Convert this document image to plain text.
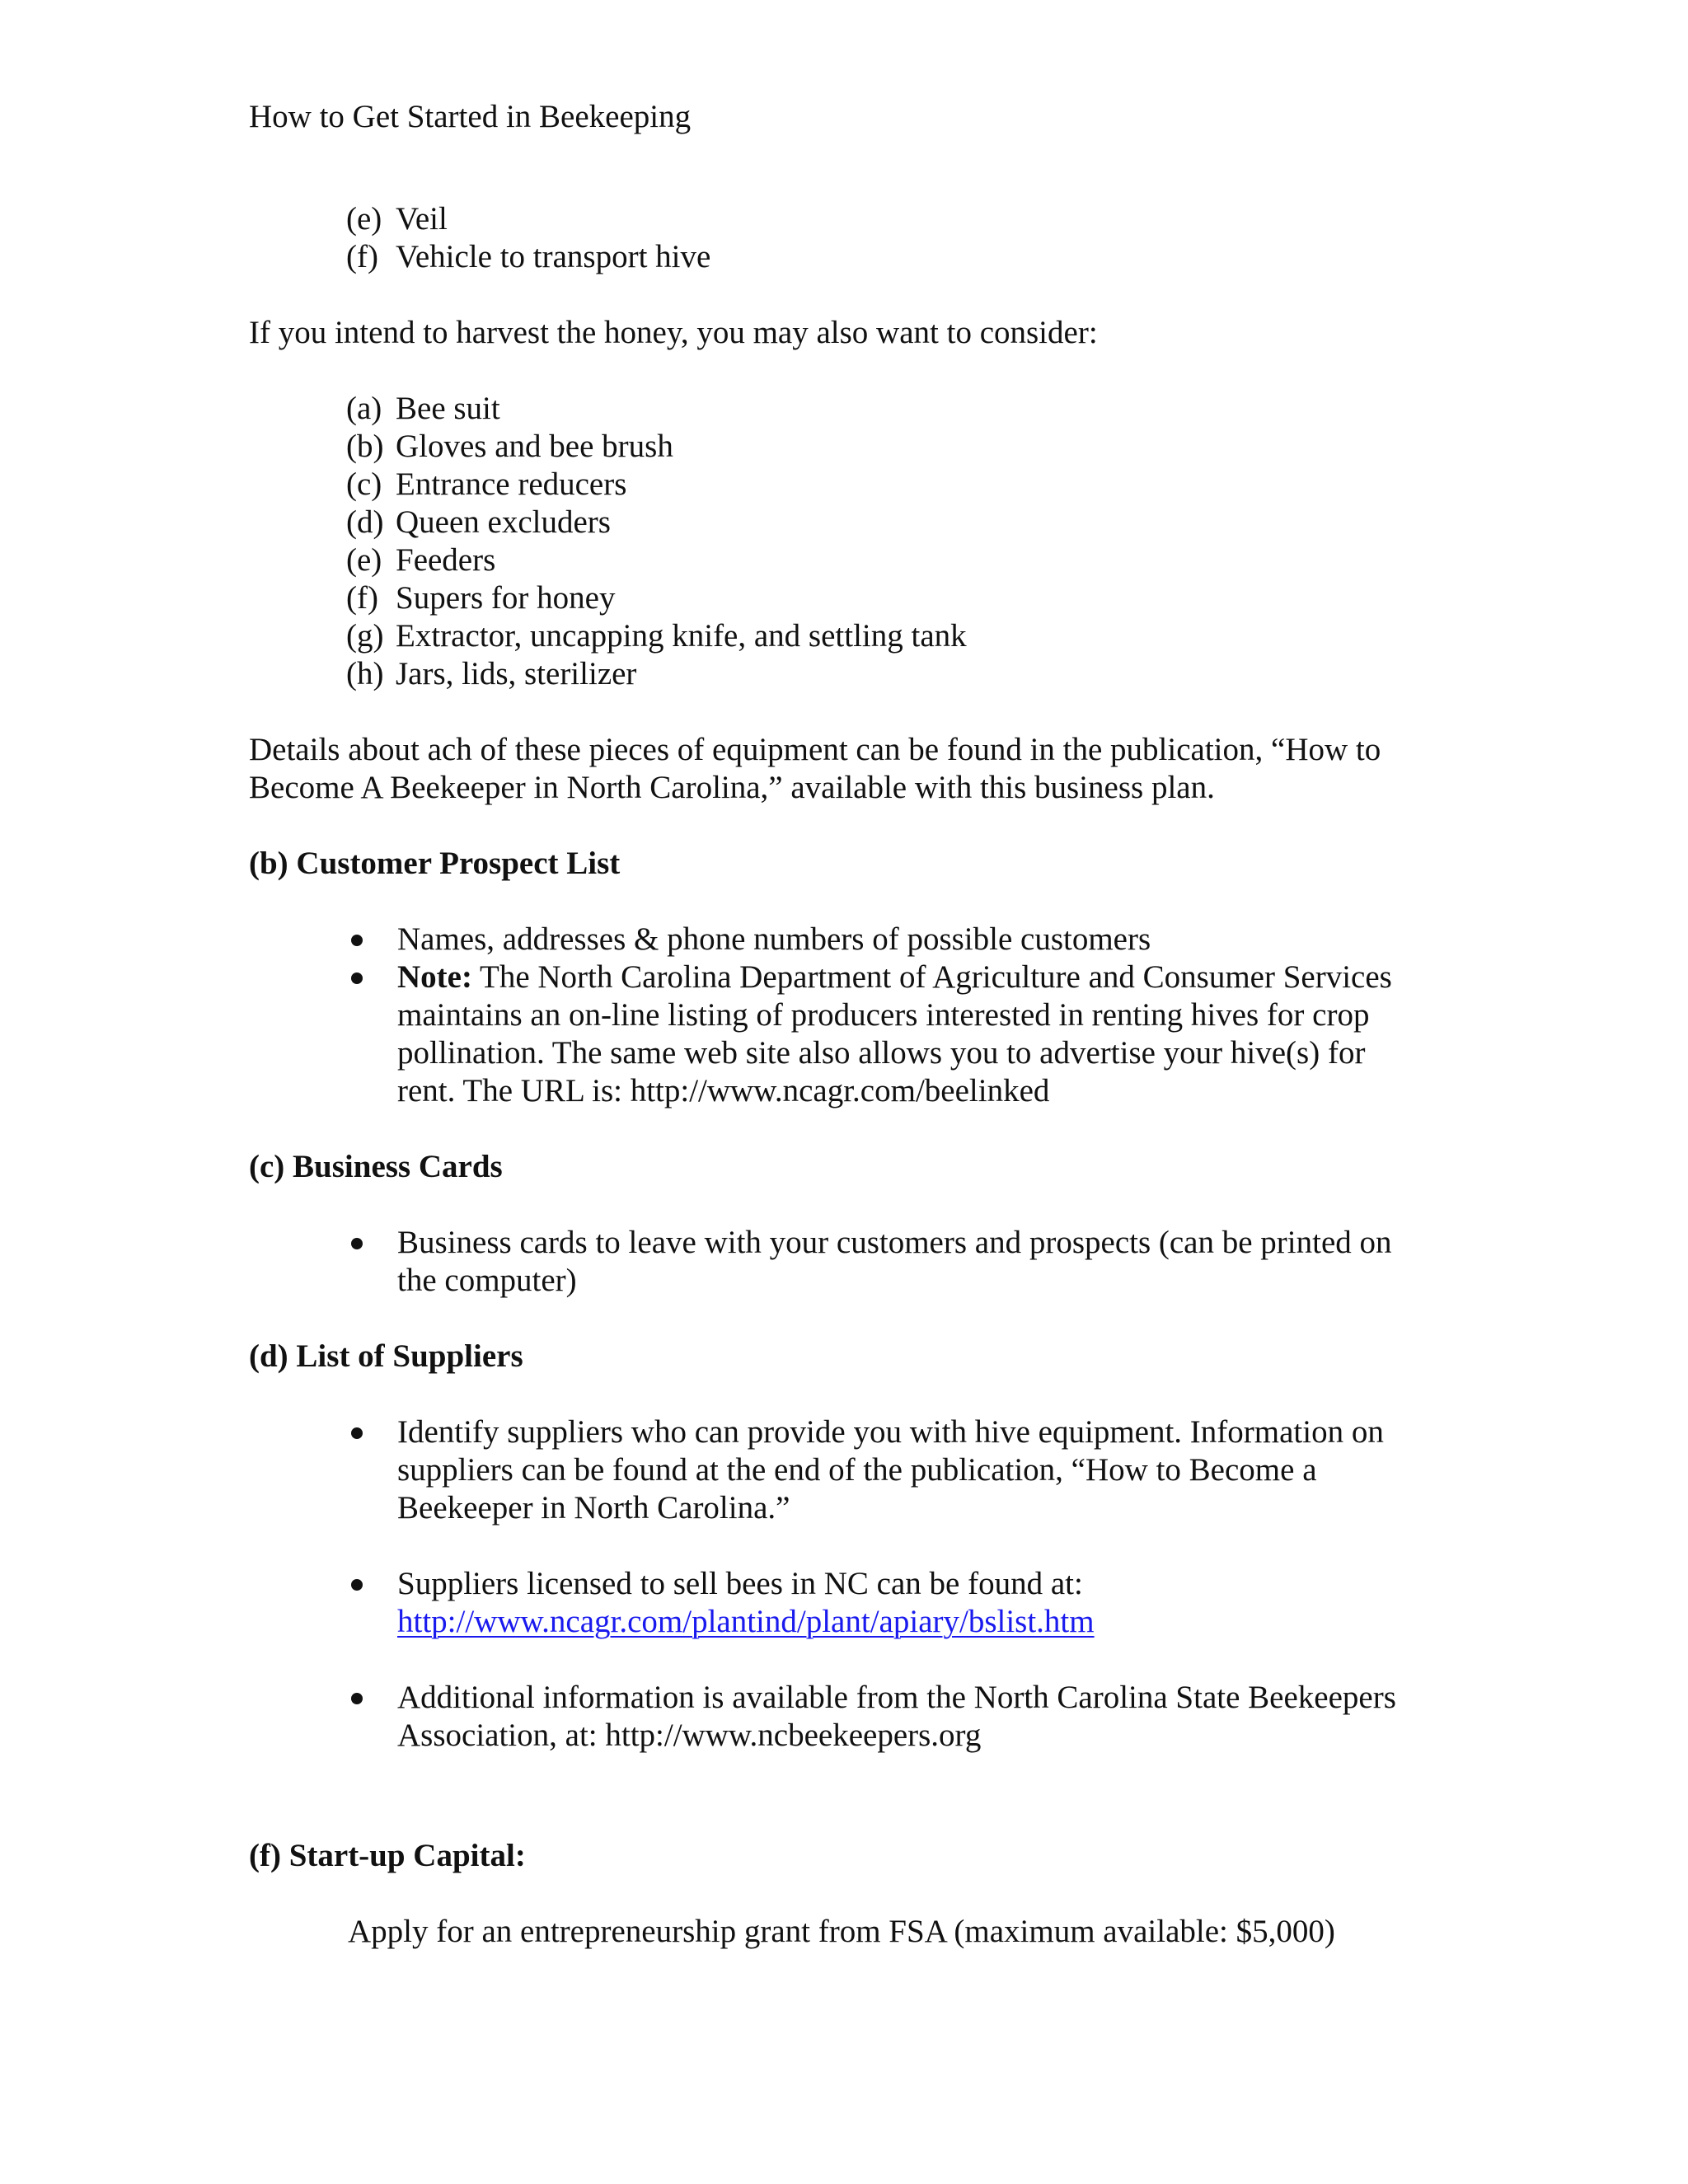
How to Get Started in Beekeeping
(e) Veil
(f) Vehicle to transport hive
If you intend to harvest the honey, you may also want to consider:
(a) Bee suit
(b) Gloves and bee brush
(c) Entrance reducers
(d) Queen excluders
(e) Feeders
(f) Supers for honey
(g) Extractor, uncapping knife, and settling tank
(h) Jars, lids, sterilizer
Details about ach of these pieces of equipment can be found in the publication, “How to
Become A Beekeeper in North Carolina,” available with this business plan.
(b) Customer Prospect List
Names, addresses & phone numbers of possible customers
Note: The North Carolina Department of Agriculture and Consumer Services
maintains an on-line listing of producers interested in renting hives for crop
pollination. The same web site also allows you to advertise your hive(s) for
rent. The URL is: http://www.ncagr.com/beelinked
(c) Business Cards
Business cards to leave with your customers and prospects (can be printed on
the computer)
(d) List of Suppliers
Identify suppliers who can provide you with hive equipment. Information on
suppliers can be found at the end of the publication, “How to Become a
Beekeeper in North Carolina.”
Suppliers licensed to sell bees in NC can be found at:
http://www.ncagr.com/plantind/plant/apiary/bslist.htm
Additional information is available from the North Carolina State Beekeepers
Association, at: http://www.ncbeekeepers.org
(f) Start-up Capital:
Apply for an entrepreneurship grant from FSA (maximum available: $5,000)
